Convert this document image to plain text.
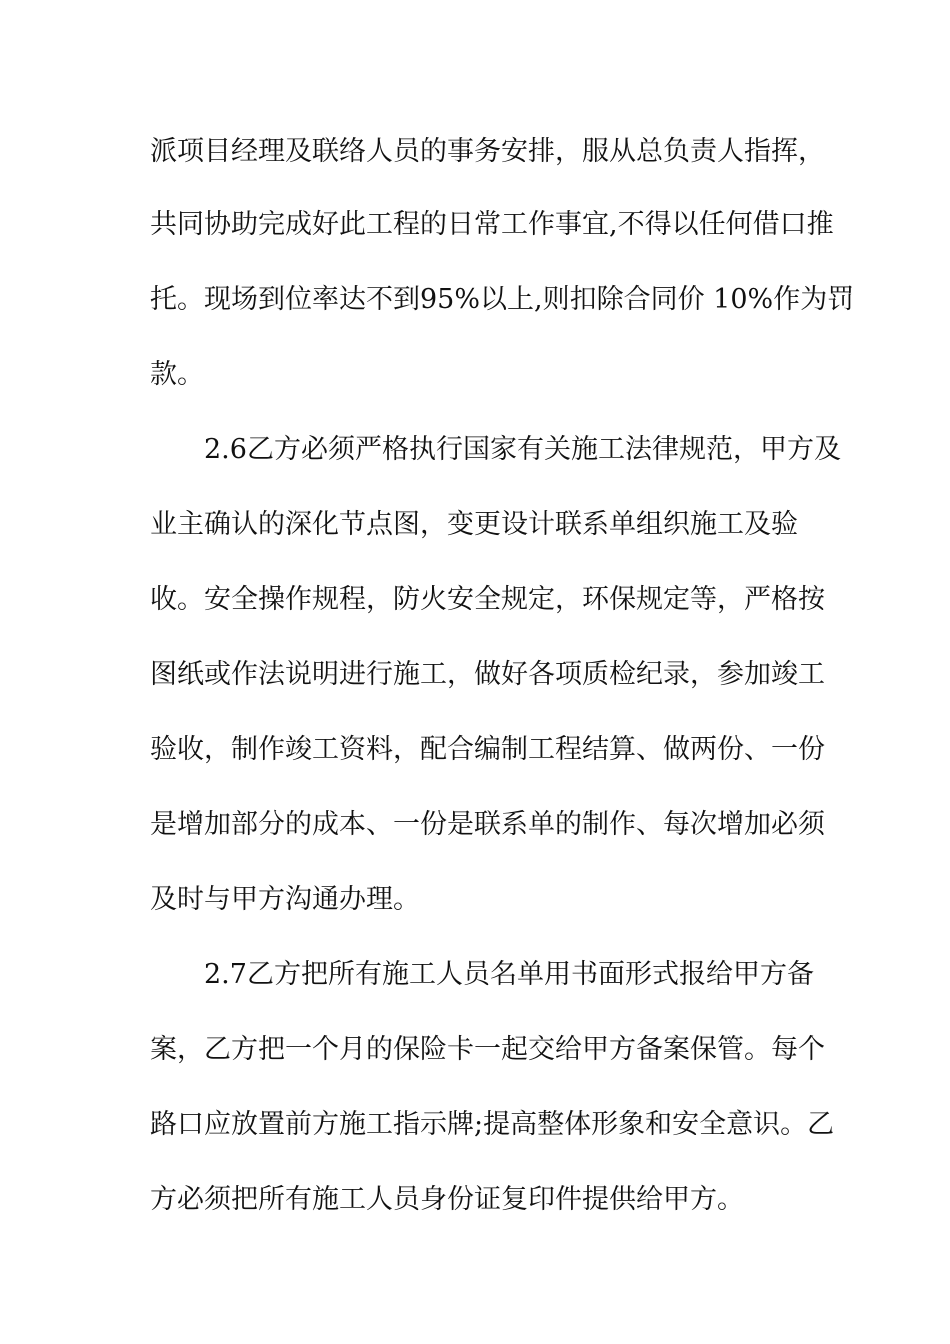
派项目经理及联络人员的事务安排，服从总负责人指挥，
共同协助完成好此工程的日常工作事宜,不得以任何借口推
托。现场到位率达不到95%以上,则扣除合同价 10%作为罚
款。
2.6乙方必须严格执行国家有关施工法律规范，甲方及
业主确认的深化节点图，变更设计联系单组织施工及验
收。安全操作规程，防火安全规定，环保规定等，严格按
图纸或作法说明进行施工，做好各项质检纪录，参加竣工
验收，制作竣工资料，配合编制工程结算、做两份、一份
是增加部分的成本、一份是联系单的制作、每次增加必须
及时与甲方沟通办理。
2.7乙方把所有施工人员名单用书面形式报给甲方备
案，乙方把一个月的保险卡一起交给甲方备案保管。每个
路口应放置前方施工指示牌;提高整体形象和安全意识。乙
方必须把所有施工人员身份证复印件提供给甲方。
